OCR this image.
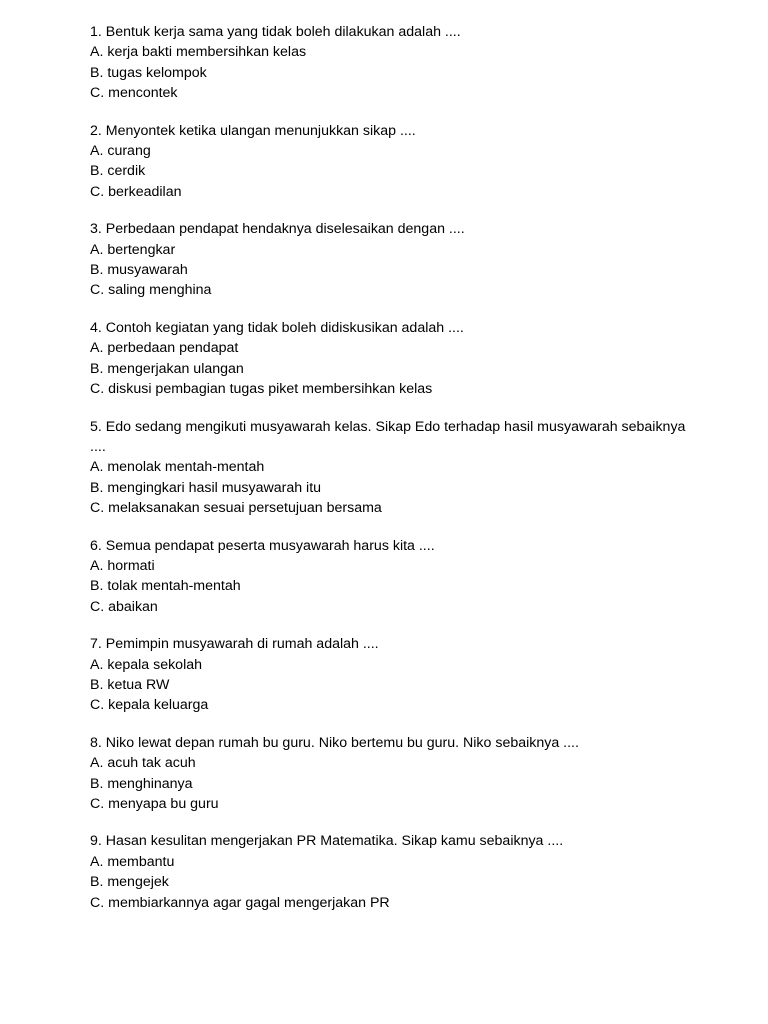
1. Bentuk kerja sama yang tidak boleh dilakukan adalah ....
A. kerja bakti membersihkan kelas
B. tugas kelompok
C. mencontek
2. Menyontek ketika ulangan menunjukkan sikap ....
A. curang
B. cerdik
C. berkeadilan
3. Perbedaan pendapat hendaknya diselesaikan dengan ....
A. bertengkar
B. musyawarah
C. saling menghina
4. Contoh kegiatan yang tidak boleh didiskusikan adalah ....
A. perbedaan pendapat
B. mengerjakan ulangan
C. diskusi pembagian tugas piket membersihkan kelas
5. Edo sedang mengikuti musyawarah kelas. Sikap Edo terhadap hasil musyawarah sebaiknya ....
A. menolak mentah-mentah
B. mengingkari hasil musyawarah itu
C. melaksanakan sesuai persetujuan bersama
6. Semua pendapat peserta musyawarah harus kita ....
A. hormati
B. tolak mentah-mentah
C. abaikan
7. Pemimpin musyawarah di rumah adalah ....
A. kepala sekolah
B. ketua RW
C. kepala keluarga
8. Niko lewat depan rumah bu guru. Niko bertemu bu guru. Niko sebaiknya ....
A. acuh tak acuh
B. menghinanya
C. menyapa bu guru
9. Hasan kesulitan mengerjakan PR Matematika. Sikap kamu sebaiknya ....
A. membantu
B. mengejek
C. membiarkannya agar gagal mengerjakan PR
